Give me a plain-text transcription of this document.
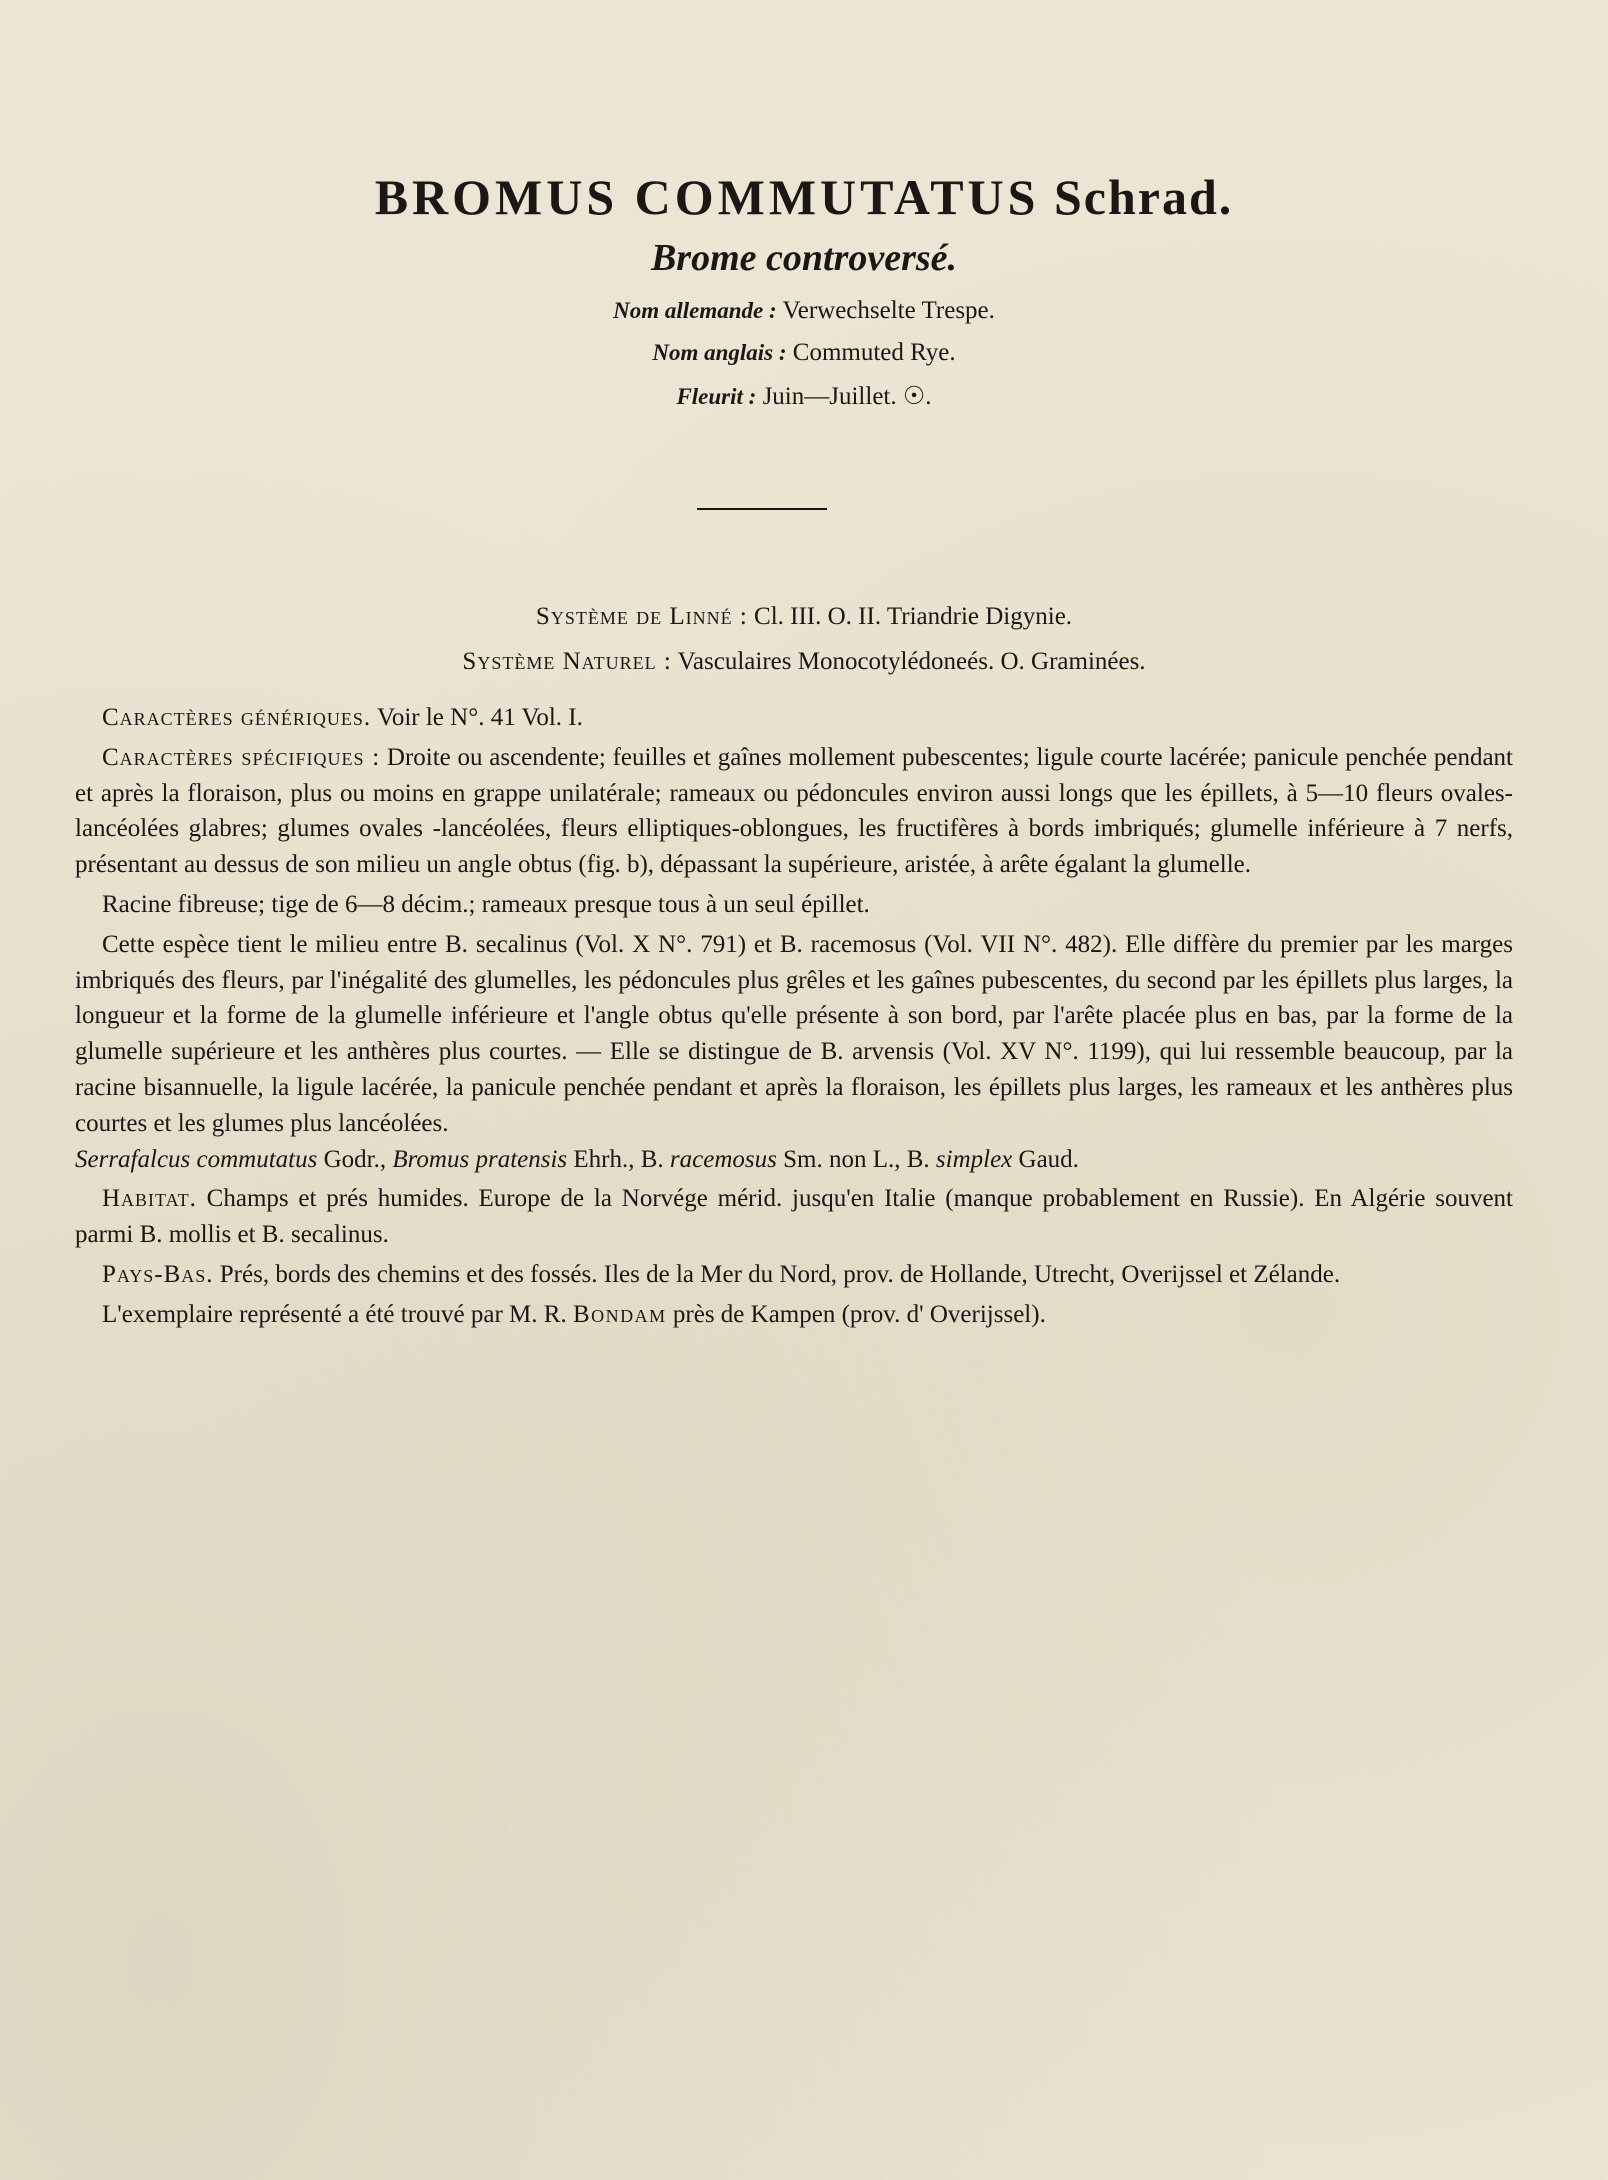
BROMUS COMMUTATUS Schrad.
Brome controversé.
Nom allemande : Verwechselte Trespe.
Nom anglais : Commuted Rye.
Fleurit : Juin—Juillet. ☉.
Système de Linné : Cl. III. O. II. Triandrie Digynie.
Système Naturel : Vasculaires Monocotylédoneés. O. Graminées.

Caractères génériques. Voir le N°. 41 Vol. I.

Caractères spécifiques : Droite ou ascendente; feuilles et gaînes mollement pubescentes; ligule courte lacérée; panicule penchée pendant et après la floraison, plus ou moins en grappe unilatérale; rameaux ou pédoncules environ aussi longs que les épillets, à 5—10 fleurs ovales-lancéolées glabres; glumes ovales -lancéolées, fleurs elliptiques-oblongues, les fructifères à bords imbriqués; glumelle inférieure à 7 nerfs, présentant au dessus de son milieu un angle obtus (fig. b), dépassant la supérieure, aristée, à arête égalant la glumelle.

Racine fibreuse; tige de 6—8 décim.; rameaux presque tous à un seul épillet.

Cette espèce tient le milieu entre B. secalinus (Vol. X N°. 791) et B. racemosus (Vol. VII N°. 482). Elle diffère du premier par les marges imbriqués des fleurs, par l'inégalité des glumelles, les pédoncules plus grêles et les gaînes pubescentes, du second par les épillets plus larges, la longueur et la forme de la glumelle inférieure et l'angle obtus qu'elle présente à son bord, par l'arête placée plus en bas, par la forme de la glumelle supérieure et les anthères plus courtes. — Elle se distingue de B. arvensis (Vol. XV N°. 1199), qui lui ressemble beaucoup, par la racine bisannuelle, la ligule lacérée, la panicule penchée pendant et après la floraison, les épillets plus larges, les rameaux et les anthères plus courtes et les glumes plus lancéolées.
Serrafalcus commutatus Godr., Bromus pratensis Ehrh., B. racemosus Sm. non L., B. simplex Gaud.

Habitat. Champs et prés humides. Europe de la Norvége mérid. jusqu'en Italie (manque probablement en Russie). En Algérie souvent parmi B. mollis et B. secalinus.

Pays-Bas. Prés, bords des chemins et des fossés. Iles de la Mer du Nord, prov. de Hollande, Utrecht, Overijssel et Zélande.

L'exemplaire représenté a été trouvé par M. R. Bondam près de Kampen (prov. d' Overijssel).
